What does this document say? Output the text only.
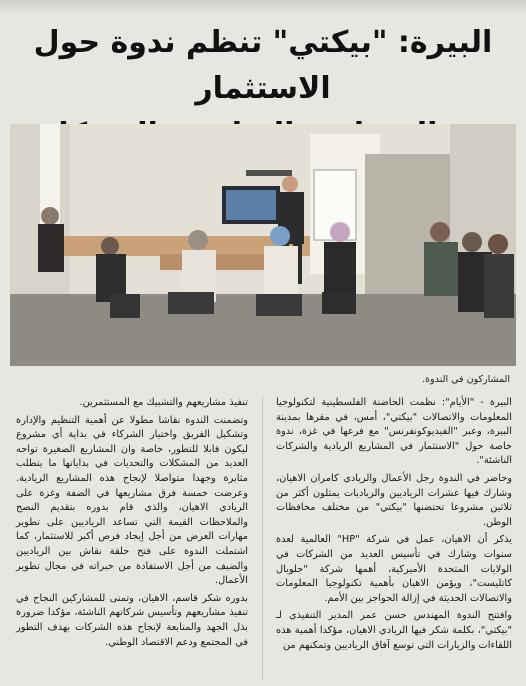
البيرة: "بيكتي" تنظم ندوة حول الاستثمار
المشاركون في الندوة.

البيرة - "الأيام": نظمت الحاضنة الفلسطينية لتكنولوجيا المعلومات والاتصالات "بيكتي"، أمس، في مقرها بمدينة البيرة، وعبر "الفيديوكونفرنس" مع فرعها في غزة، ندوة خاصة حول "الاستثمار في المشاريع الريادية والشركات الناشئة".

وحاضر في الندوة رجل الأعمال والريادي كامران الاهيان، وشارك فيها عشرات الرياديين والرياديات يمثلون أكثر من ثلاثين مشروعا تحتضنها "بيكتي" من مختلف محافظات الوطن.

يذكر أن الاهيان، عمل في شركة "HP" العالمية لعدة سنوات وشارك في تأسيس العديد من الشركات في الولايات المتحدة الأميركية، أهمها شركة "جلوبال كاتليست"، ويؤمن الاهيان بأهمية تكنولوجيا المعلومات والاتصالات الحديثة في إزالة الحواجز بين الأمم.

وافتتح الندوة المهندس حسن عمر المدير التنفيذي لـ "بيكتي"، بكلمة شكر فيها الريادي الاهيان، مؤكدا أهمية هذه اللقاءات والزيارات التي توسع آفاق الرياديين وتمكنهم من

تنفيذ مشاريعهم والتشبيك مع المستثمرين.

وتضمنت الندوة نقاشا مطولا عن أهمية التنظيم والإدارة وتشكيل الفريق واختيار الشركاء في بداية أي مشروع ليكون قابلا للتطور، خاصة وان المشاريع الصغيرة تواجه العديد من المشكلات والتحديات في بداياتها ما يتطلب مثابرة وجهدا متواصلا لإنجاح هذه المشاريع الريادية. وعرضت خمسة فرق مشاريعها في الضفة وغزة على الريادي الاهيان، والذي قام بدوره بتقديم النصح والملاحظات القيمة التي تساعد الرياديين على تطوير مهارات العرض من أجل إيجاد فرص أكبر للاستثمار، كما اشتملت الندوة على فتح حلقة نقاش بين الرياديين والضيف من أجل الاستفادة من خبراته في مجال تطوير الأعمال.

بدوره شكر قاسم، الاهيان، وتمنى للمشاركين النجاح في تنفيذ مشاريعهم وتأسيس شركاتهم الناشئة، مؤكدا ضرورة بذل الجهد والمتابعة لإنجاح هذه الشركات بهدف التطور في المجتمع ودعم الاقتصاد الوطني.
